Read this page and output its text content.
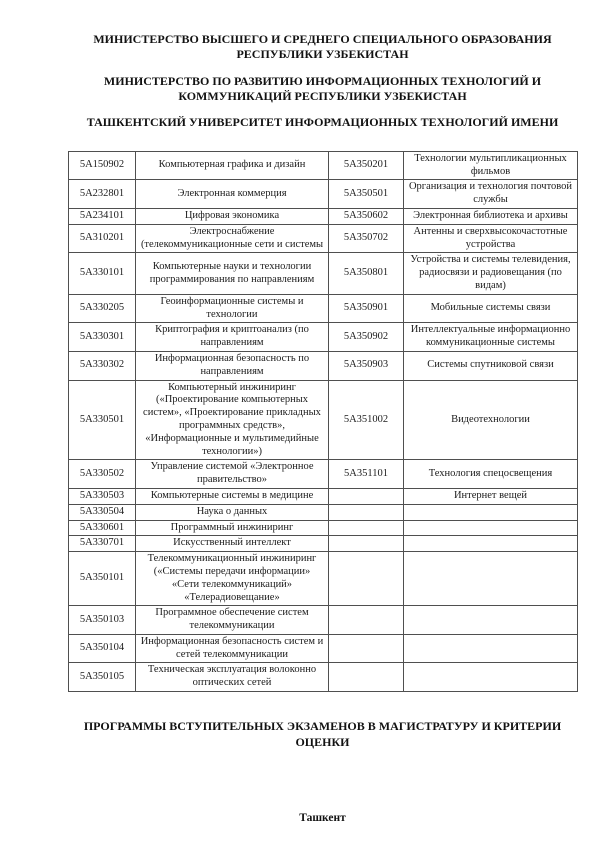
МИНИСТЕРСТВО ВЫСШЕГО И СРЕДНЕГО СПЕЦИАЛЬНОГО ОБРАЗОВАНИЯ РЕСПУБЛИКИ УЗБЕКИСТАН

МИНИСТЕРСТВО ПО РАЗВИТИЮ ИНФОРМАЦИОННЫХ ТЕХНОЛОГИЙ И КОММУНИКАЦИЙ РЕСПУБЛИКИ УЗБЕКИСТАН

ТАШКЕНТСКИЙ УНИВЕРСИТЕТ ИНФОРМАЦИОННЫХ ТЕХНОЛОГИЙ ИМЕНИ

5A150902	Компьютерная графика и дизайн	5A350201	Технологии мультипликационных фильмов
5A232801	Электронная коммерция	5A350501	Организация и технология почтовой службы
5A234101	Цифровая экономика	5A350602	Электронная библиотека и архивы
5A310201	Электроснабжение (телекоммуникационные сети и системы	5A350702	Антенны и сверхвысокочастотные устройства
5A330101	Компьютерные науки и технологии программирования по направлениям	5A350801	Устройства и системы телевидения, радиосвязи и радиовещания (по видам)
5A330205	Геоинформационные системы и технологии	5A350901	Мобильные системы связи
5A330301	Криптография и криптоанализ (по направлениям	5A350902	Интеллектуальные информационно коммуникационные системы
5A330302	Информационная безопасность по направлениям	5A350903	Системы спутниковой связи
5A330501	Компьютерный инжиниринг («Проектирование компьютерных систем», «Проектирование прикладных программных средств», «Информационные и мультимедийные технологии»)	5A351002	Видеотехнологии
5A330502	Управление системой «Электронное правительство»	5A351101	Технология спецосвещения
5A330503	Компьютерные системы в медицине		Интернет вещей
5A330504	Наука о данных		
5A330601	Программный инжиниринг		
5A330701	Искусственный интеллект		
5A350101	Телекоммуникационный инжиниринг («Системы передачи информации» «Сети телекоммуникаций» «Телерадиовещание»		
5A350103	Программное обеспечение систем телекоммуникации		
5A350104	Информационная безопасность систем и сетей телекоммуникации		
5A350105	Техническая эксплуатация волоконно оптических сетей		

ПРОГРАММЫ ВСТУПИТЕЛЬНЫХ ЭКЗАМЕНОВ В МАГИСТРАТУРУ И КРИТЕРИИ ОЦЕНКИ

Ташкент
